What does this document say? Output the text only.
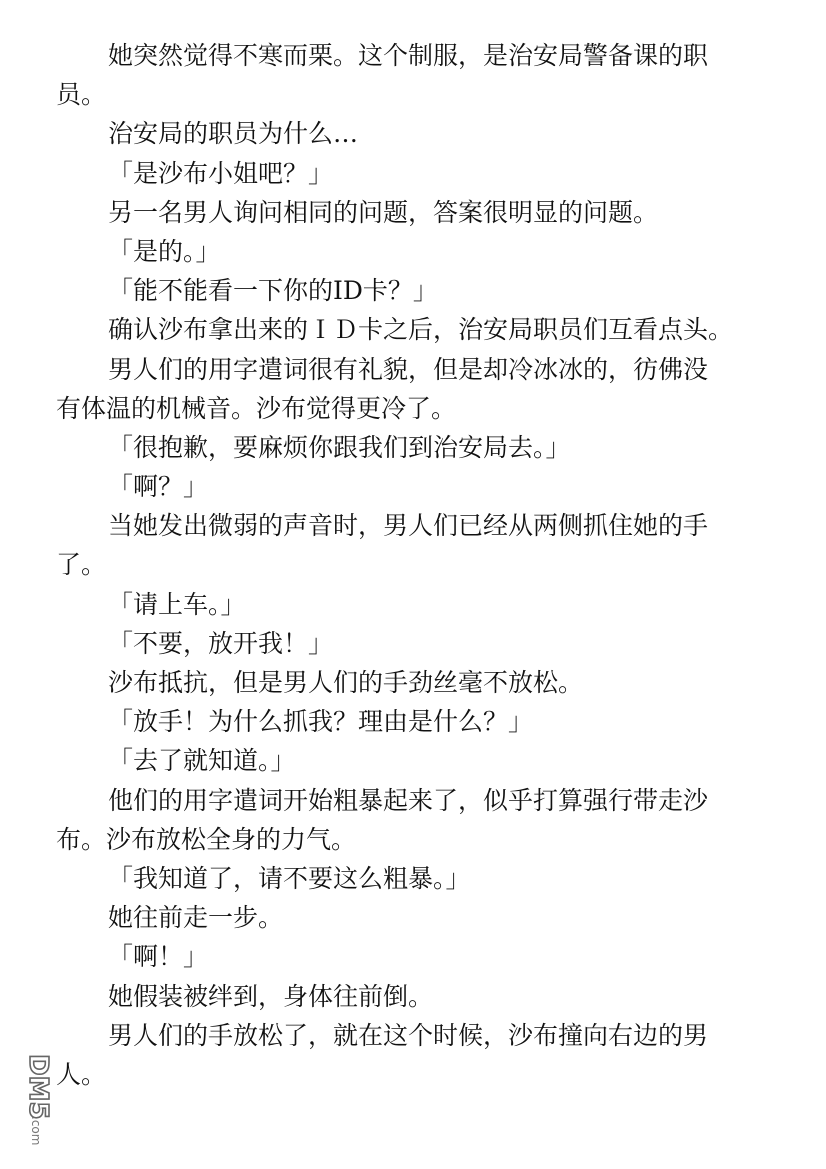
她突然觉得不寒而栗。这个制服，是治安局警备课的职
员。
治安局的职员为什么…
「是沙布小姐吧？」
另一名男人询问相同的问题，答案很明显的问题。
「是的。」
「能不能看一下你的ID卡？」
确认沙布拿出来的ＩＤ卡之后，治安局职员们互看点头。
男人们的用字遣词很有礼貌，但是却冷冰冰的，彷佛没
有体温的机械音。沙布觉得更冷了。
「很抱歉，要麻烦你跟我们到治安局去。」
「啊？」
当她发出微弱的声音时，男人们已经从两侧抓住她的手
了。
「请上车。」
「不要，放开我！」
沙布抵抗，但是男人们的手劲丝毫不放松。
「放手！为什么抓我？理由是什么？」
「去了就知道。」
他们的用字遣词开始粗暴起来了，似乎打算强行带走沙
布。沙布放松全身的力气。
「我知道了，请不要这么粗暴。」
她往前走一步。
「啊！」
她假装被绊到，身体往前倒。
男人们的手放松了，就在这个时候，沙布撞向右边的男
人。
DM5
.com
